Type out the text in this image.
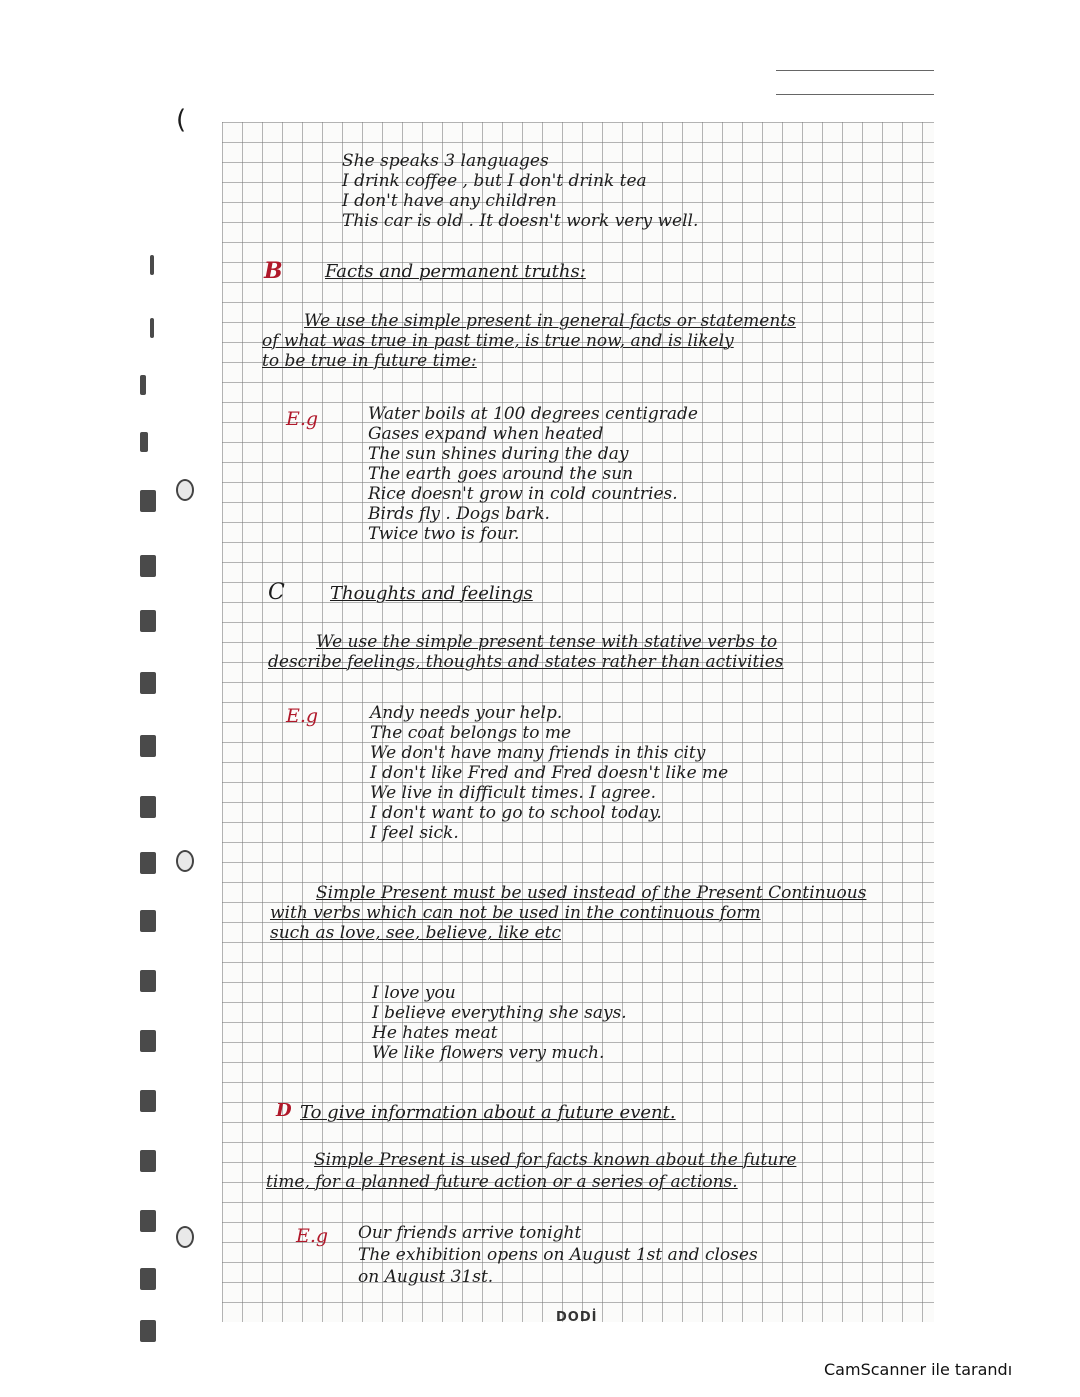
(
She speaks 3 languages
I drink coffee , but I don't drink tea
I don't have any children
This car is old . It doesn't work very well.
B Facts and permanent truths:
We use the simple present in general facts or statements
of what was true in past time, is true now, and is likely
to be true in future time:
E.g	Water boils at 100 degrees centigrade
Gases expand when heated
The sun shines during the day
The earth goes around the sun
Rice doesn't grow in cold countries.
Birds fly . Dogs bark.
Twice two is four.
C	Thoughts and feelings
We use the simple present tense with stative verbs to
describe feelings, thoughts and states rather than activities
E.g	Andy needs your help.
The coat belongs to me
We don't have many friends in this city
I don't like Fred and Fred doesn't like me
We live in difficult times. I agree.
I don't want to go to school today.
I feel sick.
Simple Present must be used instead of the Present Continuous
with verbs which can not be used in the continuous form
such as love, see, believe, like etc
I love you
I believe everything she says.
He hates meat
We like flowers very much.
D To give information about a future event.
Simple Present is used for facts known about the future
time, for a planned future action or a series of actions.
E.g Our friends arrive tonight
The exhibition opens on August 1st and closes
on August 31st.
DODİ
CamScanner ile tarandı
